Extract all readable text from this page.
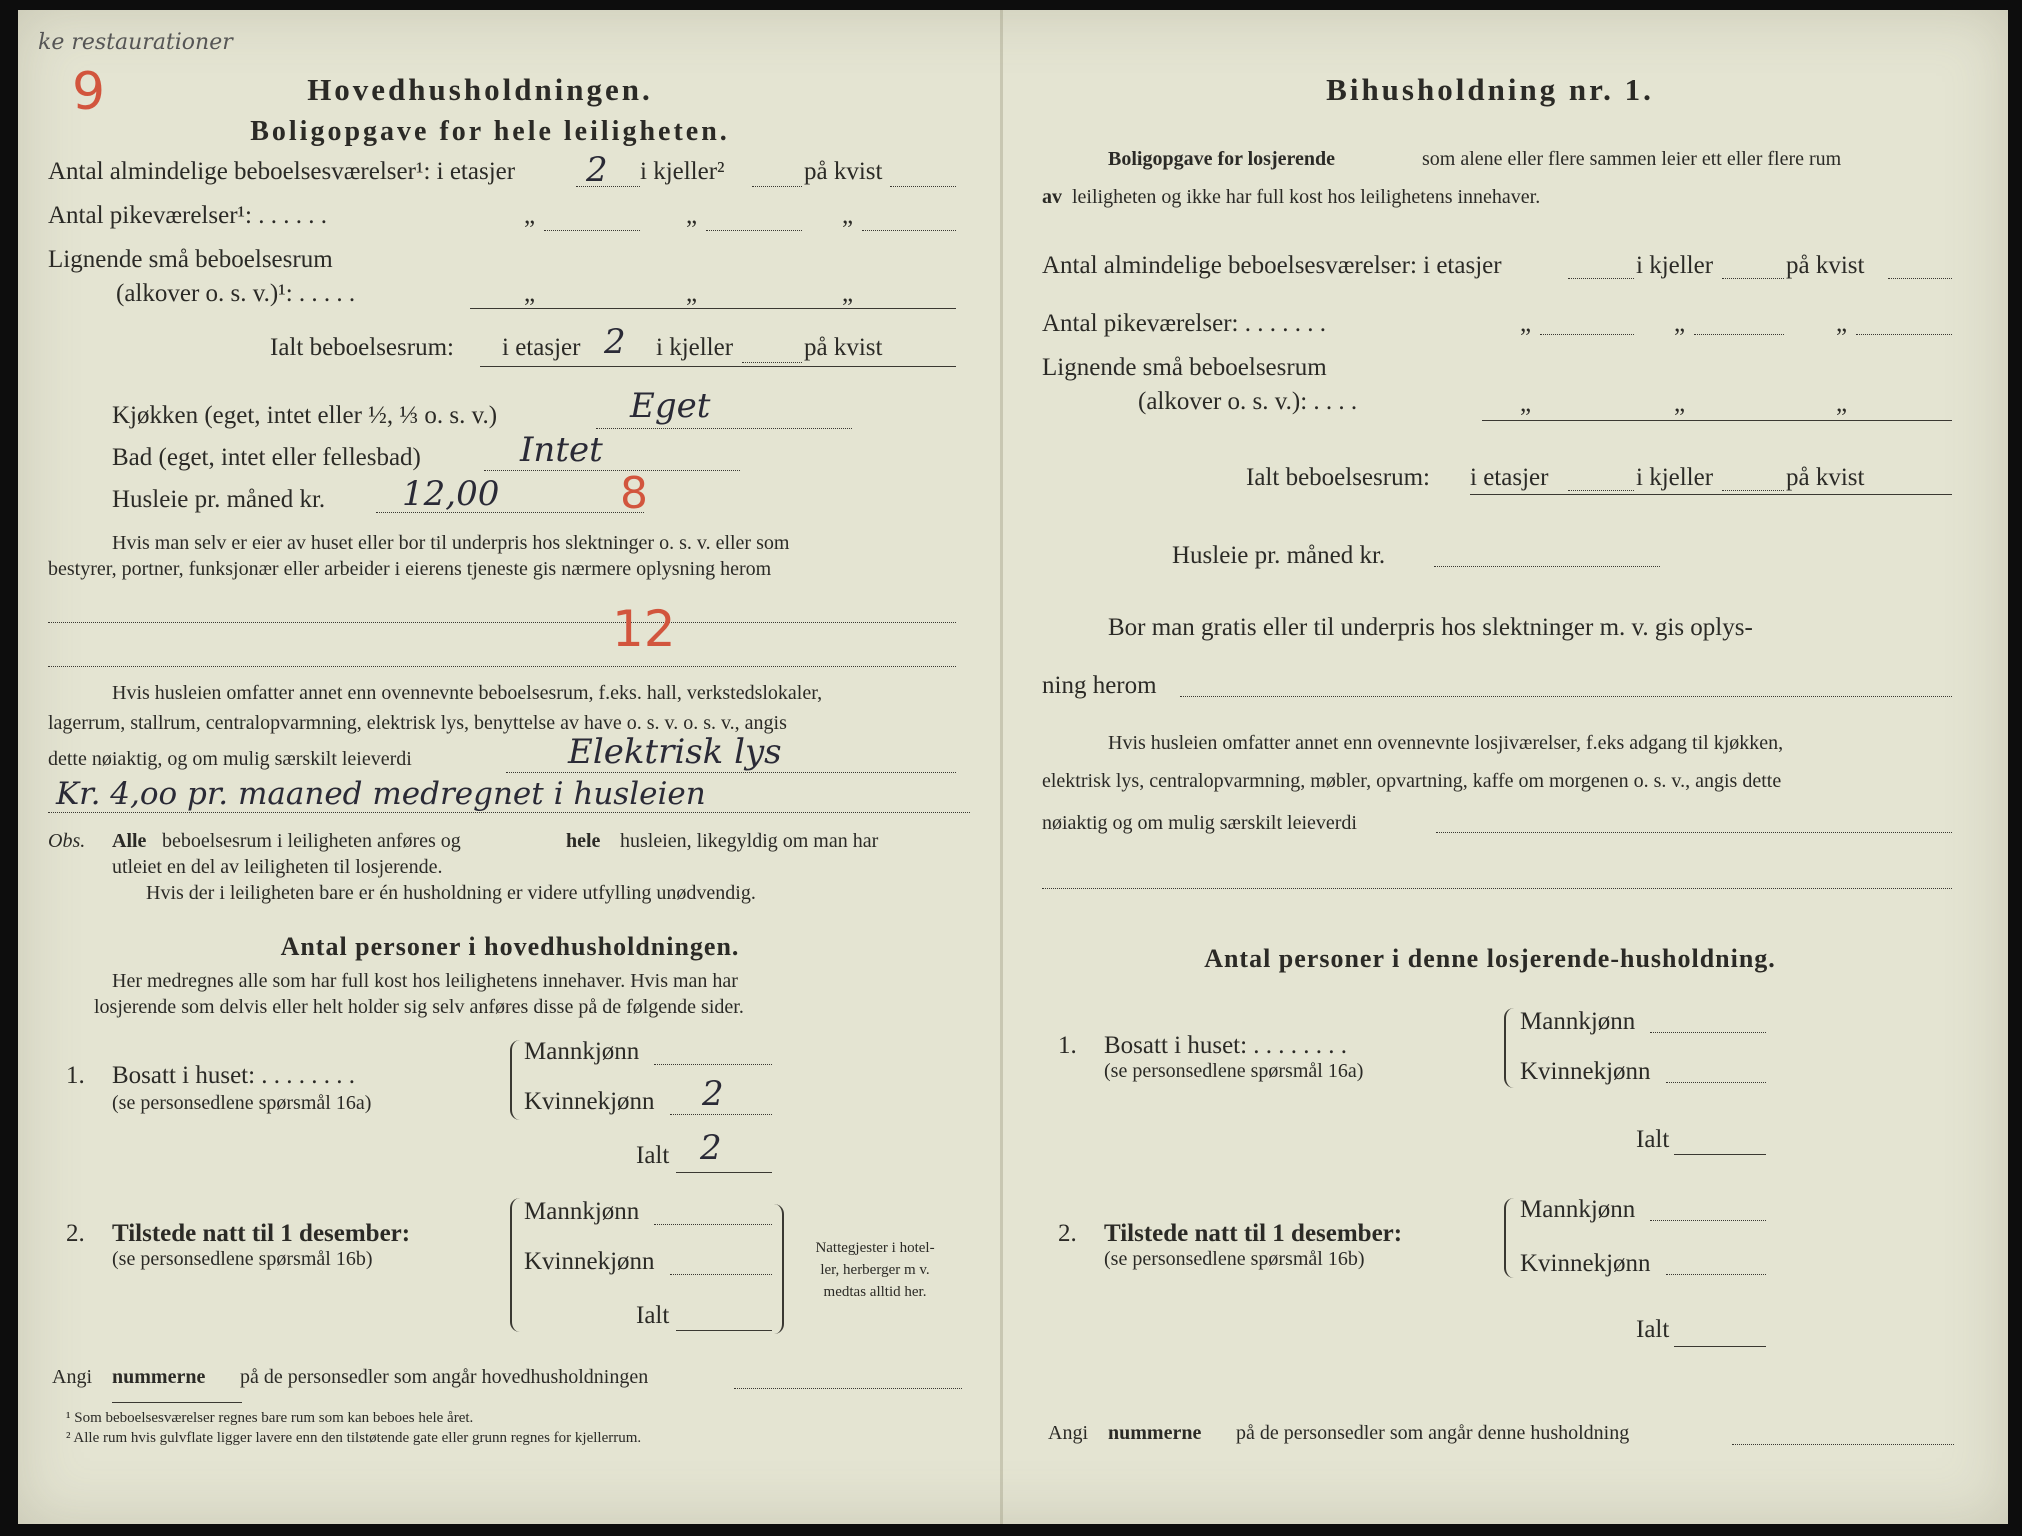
ke restaurationer
9	Hovedhusholdningen.
Boligopgave for hele leiligheten.
Antal almindelige beboelsesværelser¹: i etasjer 2 i kjeller²	på kvist
Antal pikeværelser¹: . . . . . .	„	„	„
Lignende små beboelsesrum
(alkover o. s. v.)¹: . . . . .	„	„	„
Ialt beboelsesrum: i etasjer 2 i kjeller	på kvist
Kjøkken (eget, intet eller ½, ⅓ o. s. v.)	Eget
Bad (eget, intet eller fellesbad)	Intet
Husleie pr. måned kr. 12,00	8
Hvis man selv er eier av huset eller bor til underpris hos slektninger o. s. v. eller som
bestyrer, portner, funksjonær eller arbeider i eierens tjeneste gis nærmere oplysning herom
12
Hvis husleien omfatter annet enn ovennevnte beboelsesrum, f.eks. hall, verkstedslokaler,
lagerrum, stallrum, centralopvarmning, elektrisk lys, benyttelse av have o. s. v. o. s. v., angis
dette nøiaktig, og om mulig særskilt leieverdi	Elektrisk lys
Kr. 4,oo pr. maaned medregnet i husleien
Obs. Alle beboelsesrum i leiligheten anføres og	hele husleien, likegyldig om man har
utleiet en del av leiligheten til losjerende.
Hvis der i leiligheten bare er én husholdning er videre utfylling unødvendig.
Antal personer i hovedhusholdningen.
Her medregnes alle som har full kost hos leilighetens innehaver. Hvis man har
losjerende som delvis eller helt holder sig selv anføres disse på de følgende sider.
1. Bosatt i huset: . . . . . . . .
(se personsedlene spørsmål 16a)
Mannkjønn
Kvinnekjønn 2
Ialt 2
2. Tilstede natt til 1 desember:
(se personsedlene spørsmål 16b)
Mannkjønn
Kvinnekjønn
Ialt
Nattegjester i hotel-
ler, herberger m v.
medtas alltid her.
Angi nummerne på de personsedler som angår hovedhusholdningen
¹ Som beboelsesværelser regnes bare rum som kan beboes hele året.
² Alle rum hvis gulvflate ligger lavere enn den tilstøtende gate eller grunn regnes for kjellerrum.
Bihusholdning nr. 1.
Boligopgave for losjerende	som alene eller flere sammen leier ett eller flere rum
av leiligheten og ikke har full kost hos leilighetens innehaver.
Antal almindelige beboelsesværelser: i etasjer	i kjeller	på kvist
Antal pikeværelser: . . . . . . .	„	„	„
Lignende små beboelsesrum
(alkover o. s. v.): . . . .	„	„	„
Ialt beboelsesrum: i etasjer	i kjeller	på kvist
Husleie pr. måned kr.
Bor man gratis eller til underpris hos slektninger m. v. gis oplys-
ning herom
Hvis husleien omfatter annet enn ovennevnte losjiværelser, f.eks adgang til kjøkken,
elektrisk lys, centralopvarmning, møbler, opvartning, kaffe om morgenen o. s. v., angis dette
nøiaktig og om mulig særskilt leieverdi
Antal personer i denne losjerende-husholdning.
1. Bosatt i huset: . . . . . . . .
(se personsedlene spørsmål 16a)
Mannkjønn
Kvinnekjønn
Ialt
2. Tilstede natt til 1 desember:
(se personsedlene spørsmål 16b)
Mannkjønn
Kvinnekjønn
Ialt
Angi nummerne på de personsedler som angår denne husholdning
